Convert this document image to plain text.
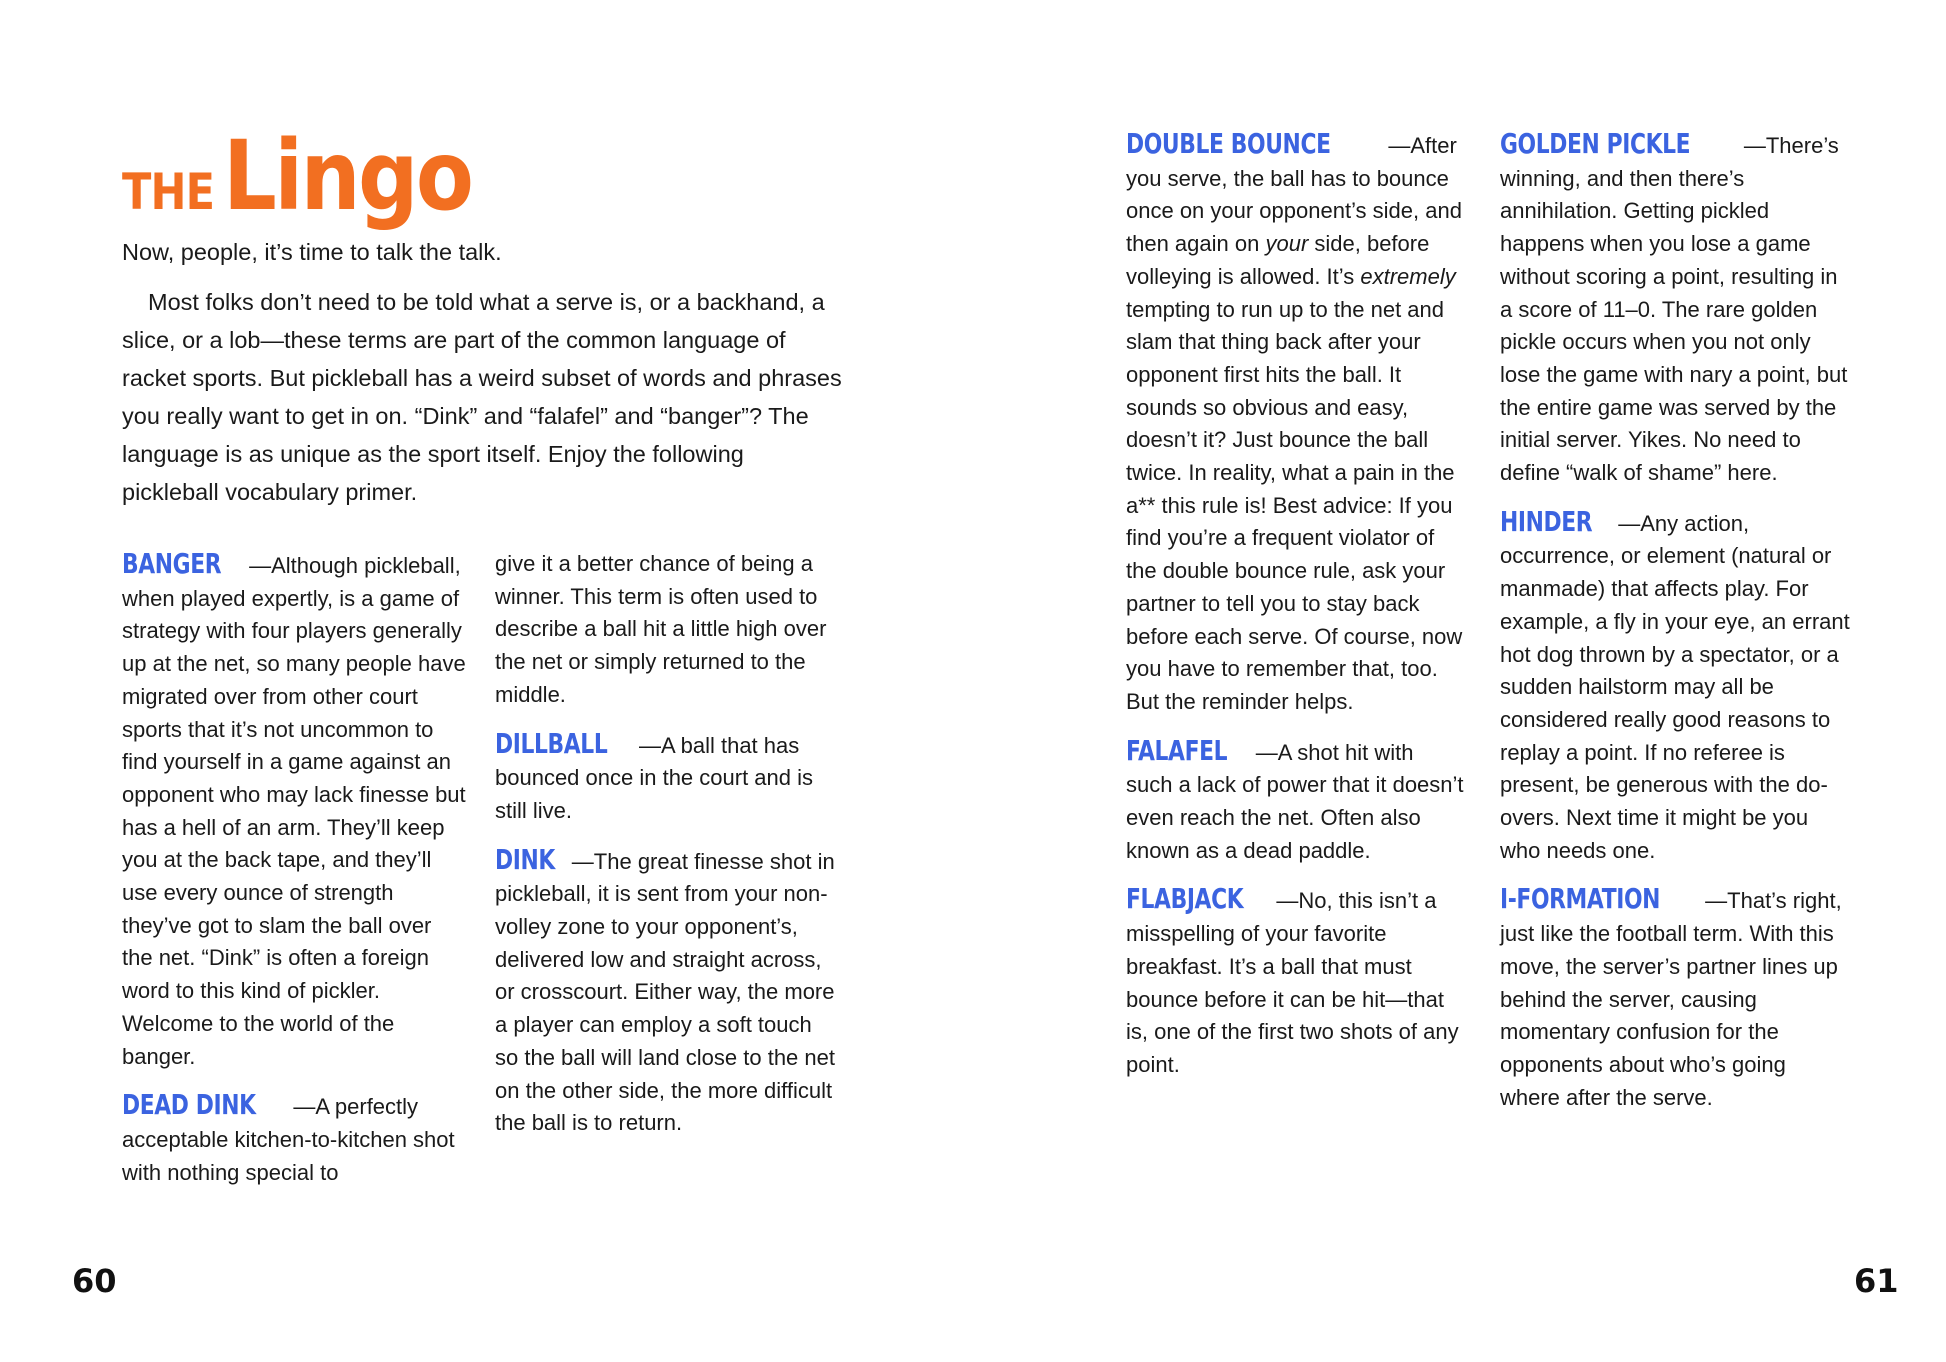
THELingo

Now, people, it’s time to talk the talk.

Most folks don’t need to be told what a serve is, or a backhand, a slice, or a lob—these terms are part of the common language of racket sports. But pickleball has a weird subset of words and phrases you really want to get in on. “Dink” and “falafel” and “banger”? The language is as unique as the sport itself. Enjoy the following pickleball vocabulary primer.

BANGER —Although pickleball, when played expertly, is a game of strategy with four players generally up at the net, so many people have migrated over from other court sports that it’s not uncommon to find yourself in a game against an opponent who may lack finesse but has a hell of an arm. They’ll keep you at the back tape, and they’ll use every ounce of strength they’ve got to slam the ball over the net. “Dink” is often a foreign word to this kind of pickler. Welcome to the world of the banger.

DEAD DINK —A perfectly acceptable kitchen-to-kitchen shot with nothing special to

give it a better chance of being a winner. This term is often used to describe a ball hit a little high over the net or simply returned to the middle.

DILLBALL —A ball that has bounced once in the court and is still live.

DINK —The great finesse shot in pickleball, it is sent from your non-volley zone to your opponent’s, delivered low and straight across, or crosscourt. Either way, the more a player can employ a soft touch so the ball will land close to the net on the other side, the more difficult the ball is to return.

60

DOUBLE BOUNCE	—After you serve, the ball has to bounce once on your opponent’s side, and then again on your side, before volleying is allowed. It’s extremely tempting to run up to the net and slam that thing back after your opponent first hits the ball. It sounds so obvious and easy, doesn’t it? Just bounce the ball twice. In reality, what a pain in the a** this rule is! Best advice: If you find you’re a frequent violator of the double bounce rule, ask your partner to tell you to stay back before each serve. Of course, now you have to remember that, too. But the reminder helps.

FALAFEL —A shot hit with such a lack of power that it doesn’t even reach the net. Often also known as a dead paddle.

FLABJACK —No, this isn’t a misspelling of your favorite breakfast. It’s a ball that must bounce before it can be hit—that is, one of the first two shots of any point.

GOLDEN PICKLE —There’s winning, and then there’s annihilation. Getting pickled happens when you lose a game without scoring a point, resulting in a score of 11–0. The rare golden pickle occurs when you not only lose the game with nary a point, but the entire game was served by the initial server. Yikes. No need to define “walk of shame” here.

HINDER —Any action, occurrence, or element (natural or manmade) that affects play. For example, a fly in your eye, an errant hot dog thrown by a spectator, or a sudden hailstorm may all be considered really good reasons to replay a point. If no referee is present, be generous with the do-overs. Next time it might be you who needs one.

I-FORMATION —That’s right, just like the football term. With this move, the server’s partner lines up behind the server, causing momentary confusion for the opponents about who’s going where after the serve.

61
